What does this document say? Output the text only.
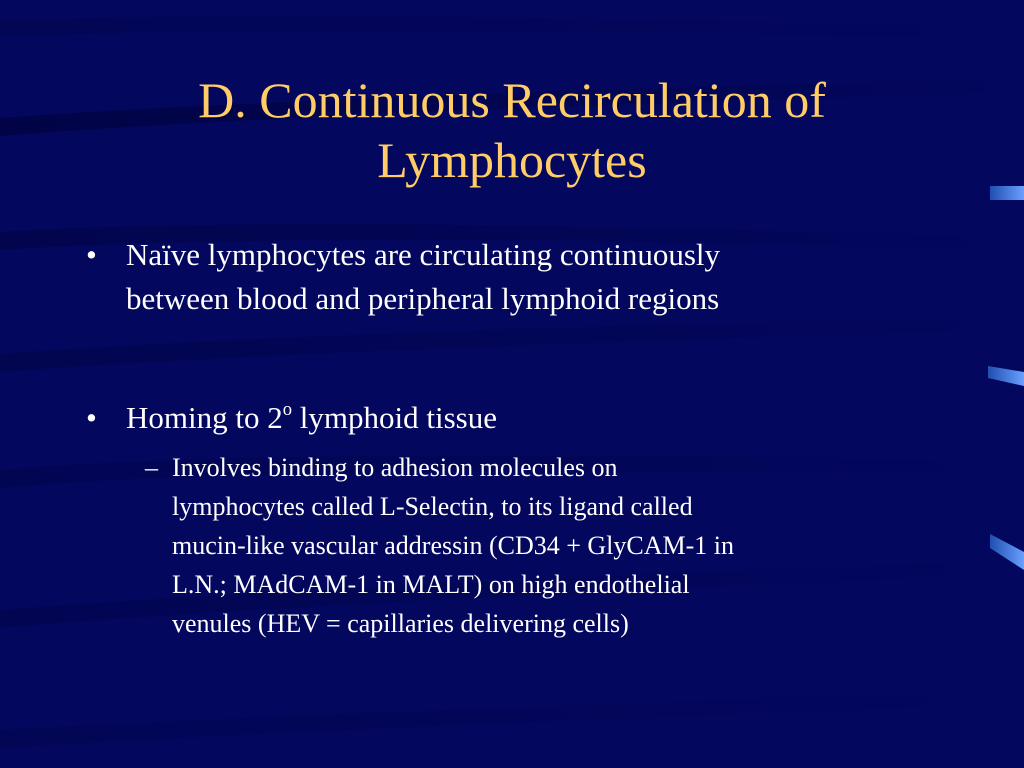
D. Continuous Recirculation of
Lymphocytes
• Naïve lymphocytes are circulating continuously
between blood and peripheral lymphoid regions
• Homing to 2$^o$ lymphoid tissue
– Involves binding to adhesion molecules on
lymphocytes called L-Selectin, to its ligand called
mucin-like vascular addressin (CD34 + GlyCAM-1 in
L.N.; MAdCAM-1 in MALT) on high endothelial
venules (HEV = capillaries delivering cells)
